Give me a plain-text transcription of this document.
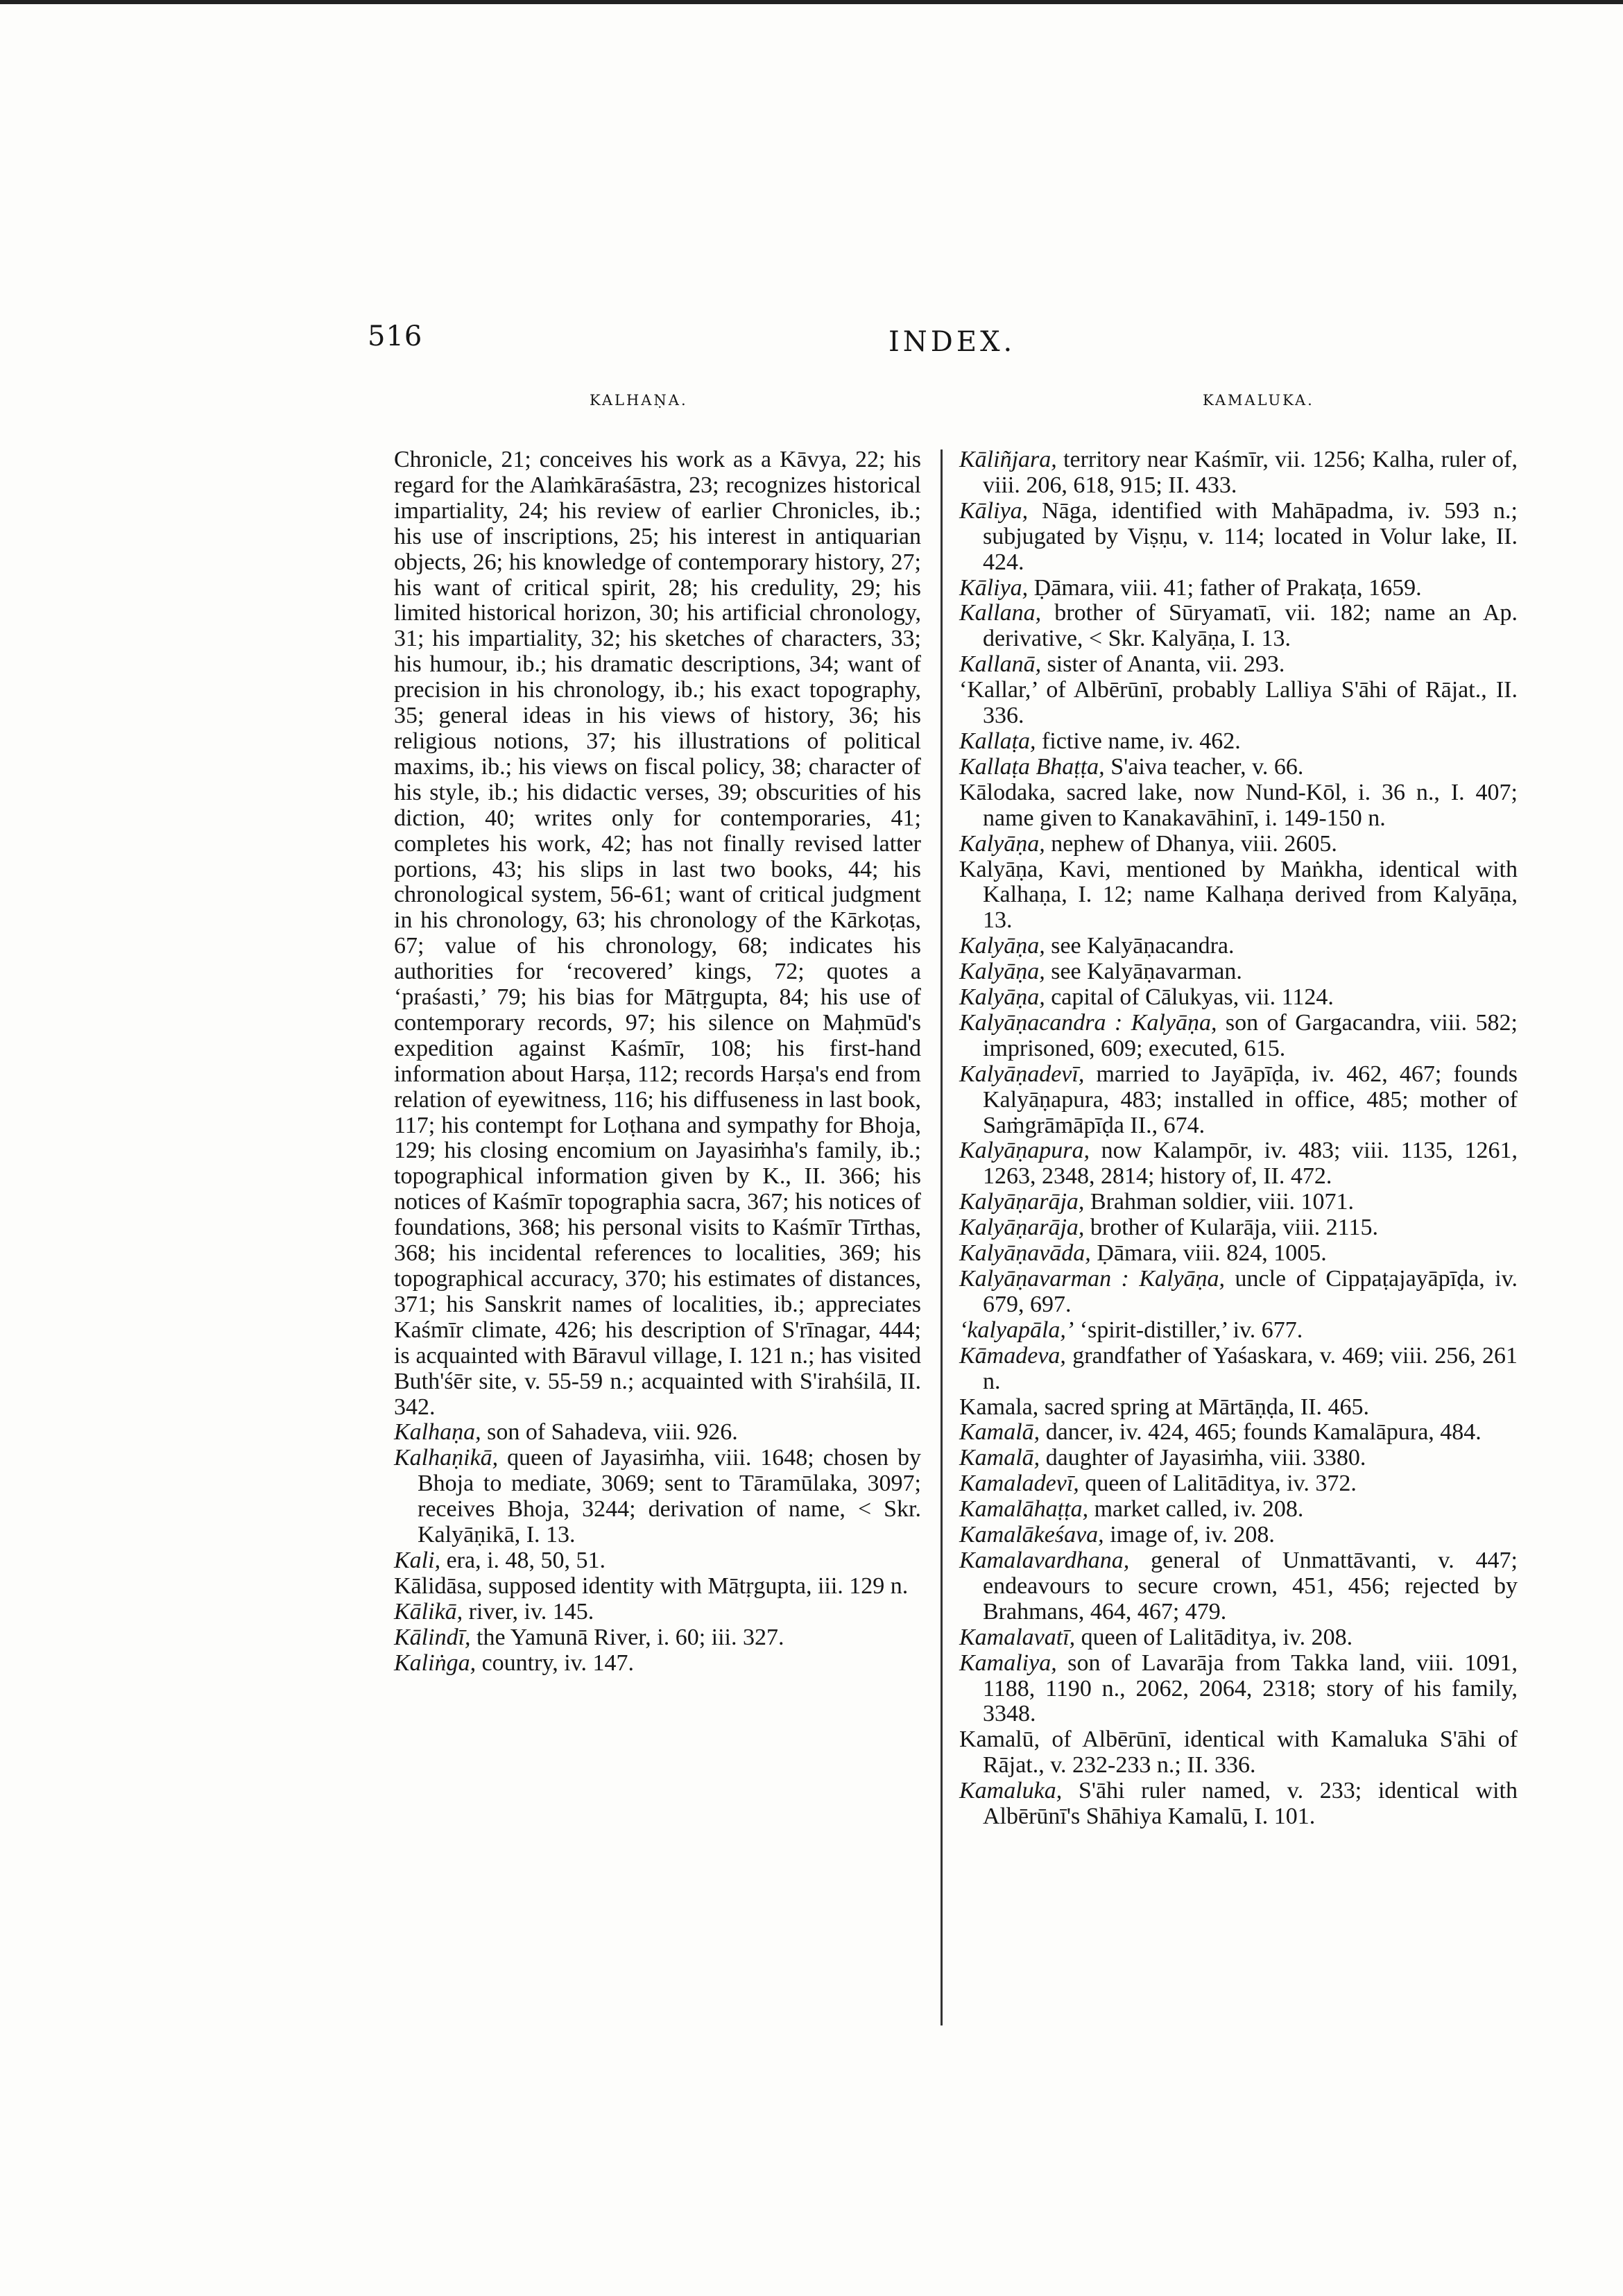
516	INDEX.
KALHAṆA.	KAMALUKA.

Chronicle, 21; conceives his work as a Kāvya, 22; his regard for the Alaṁkāraśāstra, 23; recognizes historical impartiality, 24; his review of earlier Chronicles, ib.; his use of inscriptions, 25; his interest in antiquarian objects, 26; his knowledge of contemporary history, 27; his want of critical spirit, 28; his credulity, 29; his limited historical horizon, 30; his artificial chronology, 31; his impartiality, 32; his sketches of characters, 33; his humour, ib.; his dramatic descriptions, 34; want of precision in his chronology, ib.; his exact topography, 35; general ideas in his views of history, 36; his religious notions, 37; his illustrations of political maxims, ib.; his views on fiscal policy, 38; character of his style, ib.; his didactic verses, 39; obscurities of his diction, 40; writes only for contemporaries, 41; completes his work, 42; has not finally revised latter portions, 43; his slips in last two books, 44; his chronological system, 56-61; want of critical judgment in his chronology, 63; his chronology of the Kārkoṭas, 67; value of his chronology, 68; indicates his authorities for ‘recovered’ kings, 72; quotes a ‘praśasti,’ 79; his bias for Mātṛgupta, 84; his use of contemporary records, 97; his silence on Maḥmūd's expedition against Kaśmīr, 108; his first-hand information about Harṣa, 112; records Harṣa's end from relation of eyewitness, 116; his diffuseness in last book, 117; his contempt for Loṭhana and sympathy for Bhoja, 129; his closing encomium on Jayasiṁha's family, ib.; topographical information given by K., II. 366; his notices of Kaśmīr topographia sacra, 367; his notices of foundations, 368; his personal visits to Kaśmīr Tīrthas, 368; his incidental references to localities, 369; his topographical accuracy, 370; his estimates of distances, 371; his Sanskrit names of localities, ib.; appreciates Kaśmīr climate, 426; his description of S'rīnagar, 444; is acquainted with Bāravul village, I. 121 n.; has visited Buth'śēr site, v. 55-59 n.; acquainted with S'irahśilā, II. 342.

Kalhaṇa, son of Sahadeva, viii. 926.

Kalhaṇikā, queen of Jayasiṁha, viii. 1648; chosen by Bhoja to mediate, 3069; sent to Tāramūlaka, 3097; receives Bhoja, 3244; derivation of name, < Skr. Kalyāṇikā, I. 13.

Kali, era, i. 48, 50, 51.

Kālidāsa, supposed identity with Mātṛgupta, iii. 129 n.

Kālikā, river, iv. 145.

Kālindī, the Yamunā River, i. 60; iii. 327.

Kaliṅga, country, iv. 147.

Kāliñjara, territory near Kaśmīr, vii. 1256; Kalha, ruler of, viii. 206, 618, 915; II. 433.

Kāliya, Nāga, identified with Mahāpadma, iv. 593 n.; subjugated by Viṣṇu, v. 114; located in Volur lake, II. 424.

Kāliya, Ḍāmara, viii. 41; father of Prakaṭa, 1659.

Kallana, brother of Sūryamatī, vii. 182; name an Ap. derivative, < Skr. Kalyāṇa, I. 13.

Kallanā, sister of Ananta, vii. 293.

‘Kallar,’ of Albērūnī, probably Lalliya S'āhi of Rājat., II. 336.

Kallaṭa, fictive name, iv. 462.

Kallaṭa Bhaṭṭa, S'aiva teacher, v. 66.

Kālodaka, sacred lake, now Nund-Kōl, i. 36 n., I. 407; name given to Kanakavāhinī, i. 149-150 n.

Kalyāṇa, nephew of Dhanya, viii. 2605.

Kalyāṇa, Kavi, mentioned by Maṅkha, identical with Kalhaṇa, I. 12; name Kalhaṇa derived from Kalyāṇa, 13.

Kalyāṇa, see Kalyāṇacandra.

Kalyāṇa, see Kalyāṇavarman.

Kalyāṇa, capital of Cālukyas, vii. 1124.

Kalyāṇacandra : Kalyāṇa, son of Gargacandra, viii. 582; imprisoned, 609; executed, 615.

Kalyāṇadevī, married to Jayāpīḍa, iv. 462, 467; founds Kalyāṇapura, 483; installed in office, 485; mother of Saṁgrāmāpīḍa II., 674.

Kalyāṇapura, now Kalampōr, iv. 483; viii. 1135, 1261, 1263, 2348, 2814; history of, II. 472.

Kalyāṇarāja, Brahman soldier, viii. 1071.

Kalyāṇarāja, brother of Kularāja, viii. 2115.

Kalyāṇavāda, Ḍāmara, viii. 824, 1005.

Kalyāṇavarman : Kalyāṇa, uncle of Cippaṭajayāpīḍa, iv. 679, 697.

‘kalyapāla,’ ‘spirit-distiller,’ iv. 677.

Kāmadeva, grandfather of Yaśaskara, v. 469; viii. 256, 261 n.

Kamala, sacred spring at Mārtāṇḍa, II. 465.

Kamalā, dancer, iv. 424, 465; founds Kamalāpura, 484.

Kamalā, daughter of Jayasiṁha, viii. 3380.

Kamaladevī, queen of Lalitāditya, iv. 372.

Kamalāhaṭṭa, market called, iv. 208.

Kamalākeśava, image of, iv. 208.

Kamalavardhana, general of Unmattāvanti, v. 447; endeavours to secure crown, 451, 456; rejected by Brahmans, 464, 467; 479.

Kamalavatī, queen of Lalitāditya, iv. 208.

Kamaliya, son of Lavarāja from Takka land, viii. 1091, 1188, 1190 n., 2062, 2064, 2318; story of his family, 3348.

Kamalū, of Albērūnī, identical with Kamaluka S'āhi of Rājat., v. 232-233 n.; II. 336.

Kamaluka, S'āhi ruler named, v. 233; identical with Albērūnī's Shāhiya Kamalū, I. 101.
